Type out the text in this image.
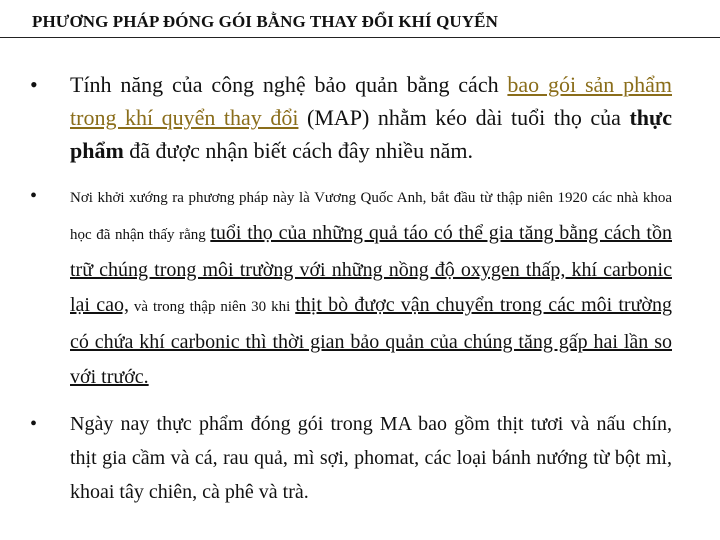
PHƯƠNG PHÁP ĐÓNG GÓI BẰNG THAY ĐỔI KHÍ QUYỂN
• Tính năng của công nghệ bảo quản bằng cách bao gói sản phẩm trong khí quyển thay đổi (MAP) nhằm kéo dài tuổi thọ của thực phẩm đã được nhận biết cách đây nhiều năm.
• Nơi khởi xướng ra phương pháp này là Vương Quốc Anh, bắt đầu từ thập niên 1920 các nhà khoa học đã nhận thấy rằng tuổi thọ của những quả táo có thể gia tăng bằng cách tồn trữ chúng trong môi trường với những nồng độ oxygen thấp, khí carbonic lại cao, và trong thập niên 30 khi thịt bò được vận chuyển trong các môi trường có chứa khí carbonic thì thời gian bảo quản của chúng tăng gấp hai lần so với trước.
• Ngày nay thực phẩm đóng gói trong MA bao gồm thịt tươi và nấu chín, thịt gia cầm và cá, rau quả, mì sợi, phomat, các loại bánh nướng từ bột mì, khoai tây chiên, cà phê và trà.
